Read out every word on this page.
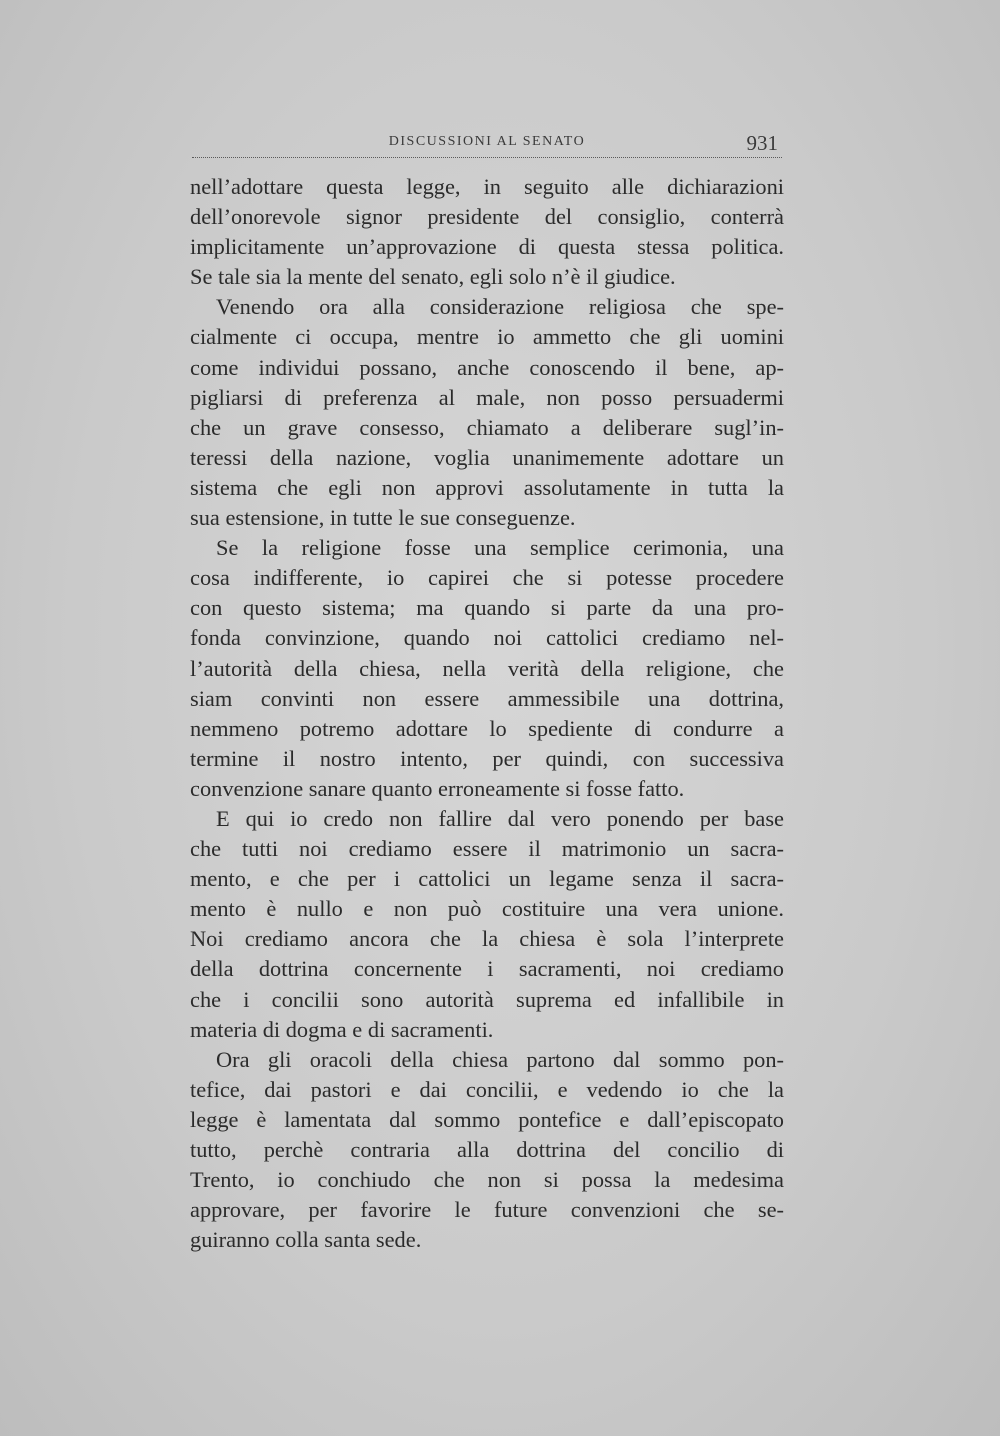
DISCUSSIONI AL SENATO	931
nell’adottare questa legge, in seguito alle dichiarazioni
dell’onorevole signor presidente del consiglio, conterrà
implicitamente un’approvazione di questa stessa politica.
Se tale sia la mente del senato, egli solo n’è il giudice.
Venendo ora alla considerazione religiosa che spe-
cialmente ci occupa, mentre io ammetto che gli uomini
come individui possano, anche conoscendo il bene, ap-
pigliarsi di preferenza al male, non posso persuadermi
che un grave consesso, chiamato a deliberare sugl’in-
teressi della nazione, voglia unanimemente adottare un
sistema che egli non approvi assolutamente in tutta la
sua estensione, in tutte le sue conseguenze.
Se la religione fosse una semplice cerimonia, una
cosa indifferente, io capirei che si potesse procedere
con questo sistema; ma quando si parte da una pro-
fonda convinzione, quando noi cattolici crediamo nel-
l’autorità della chiesa, nella verità della religione, che
siam convinti non essere ammessibile una dottrina,
nemmeno potremo adottare lo spediente di condurre a
termine il nostro intento, per quindi, con successiva
convenzione sanare quanto erroneamente si fosse fatto.
E qui io credo non fallire dal vero ponendo per base
che tutti noi crediamo essere il matrimonio un sacra-
mento, e che per i cattolici un legame senza il sacra-
mento è nullo e non può costituire una vera unione.
Noi crediamo ancora che la chiesa è sola l’interprete
della dottrina concernente i sacramenti, noi crediamo
che i concilii sono autorità suprema ed infallibile in
materia di dogma e di sacramenti.
Ora gli oracoli della chiesa partono dal sommo pon-
tefice, dai pastori e dai concilii, e vedendo io che la
legge è lamentata dal sommo pontefice e dall’episcopato
tutto, perchè contraria alla dottrina del concilio di
Trento, io conchiudo che non si possa la medesima
approvare, per favorire le future convenzioni che se-
guiranno colla santa sede.
